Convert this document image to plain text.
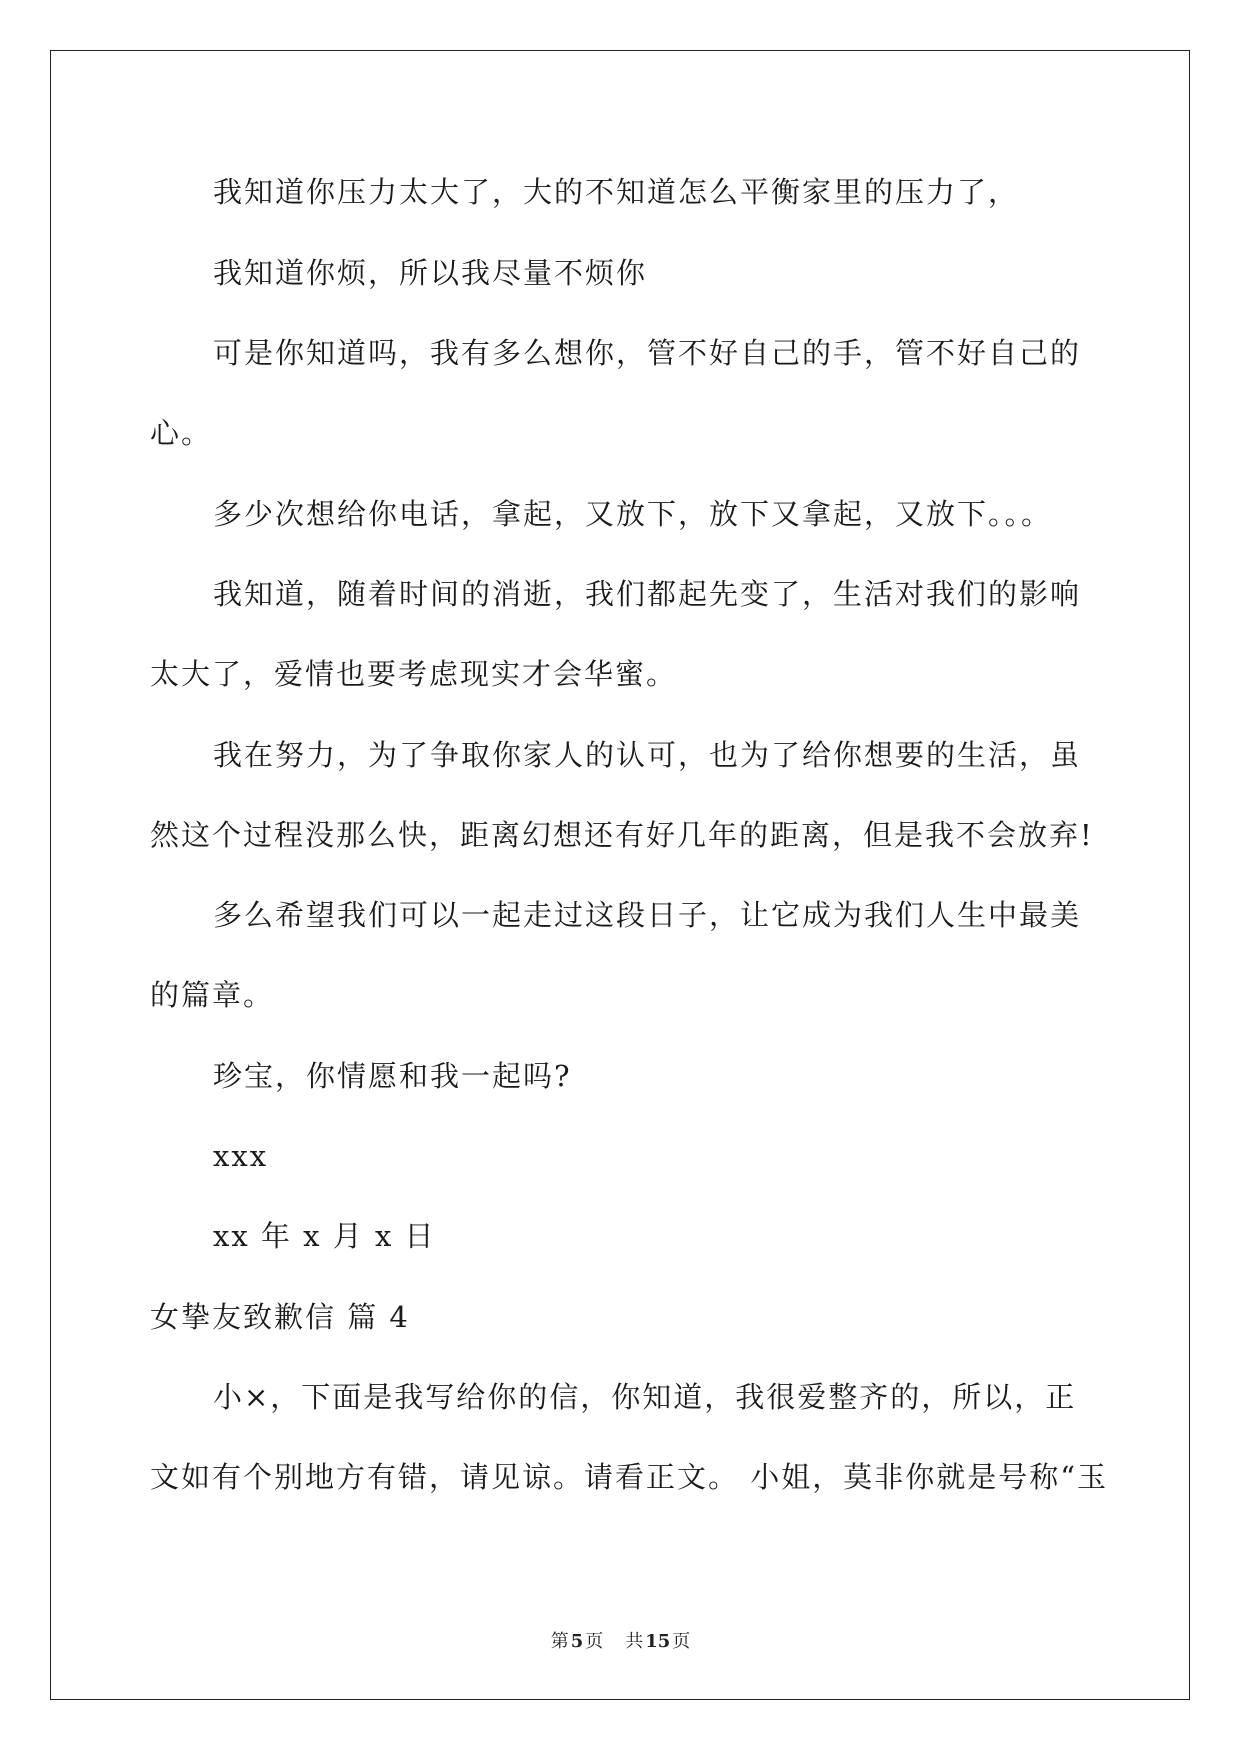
我知道你压力太大了，大的不知道怎么平衡家里的压力了，
我知道你烦，所以我尽量不烦你
可是你知道吗，我有多么想你，管不好自己的手，管不好自己的
心。
多少次想给你电话，拿起，又放下，放下又拿起，又放下。。。
我知道，随着时间的消逝，我们都起先变了，生活对我们的影响
太大了，爱情也要考虑现实才会华蜜。
我在努力，为了争取你家人的认可，也为了给你想要的生活，虽
然这个过程没那么快，距离幻想还有好几年的距离，但是我不会放弃!
多么希望我们可以一起走过这段日子，让它成为我们人生中最美
的篇章。
珍宝，你情愿和我一起吗?
xxx
xx 年 x 月 x 日
女挚友致歉信 篇 4
小×，下面是我写给你的信，你知道，我很爱整齐的，所以，正
文如有个别地方有错，请见谅。请看正文。 小姐，莫非你就是号称“玉
第 5 页 共 15 页
